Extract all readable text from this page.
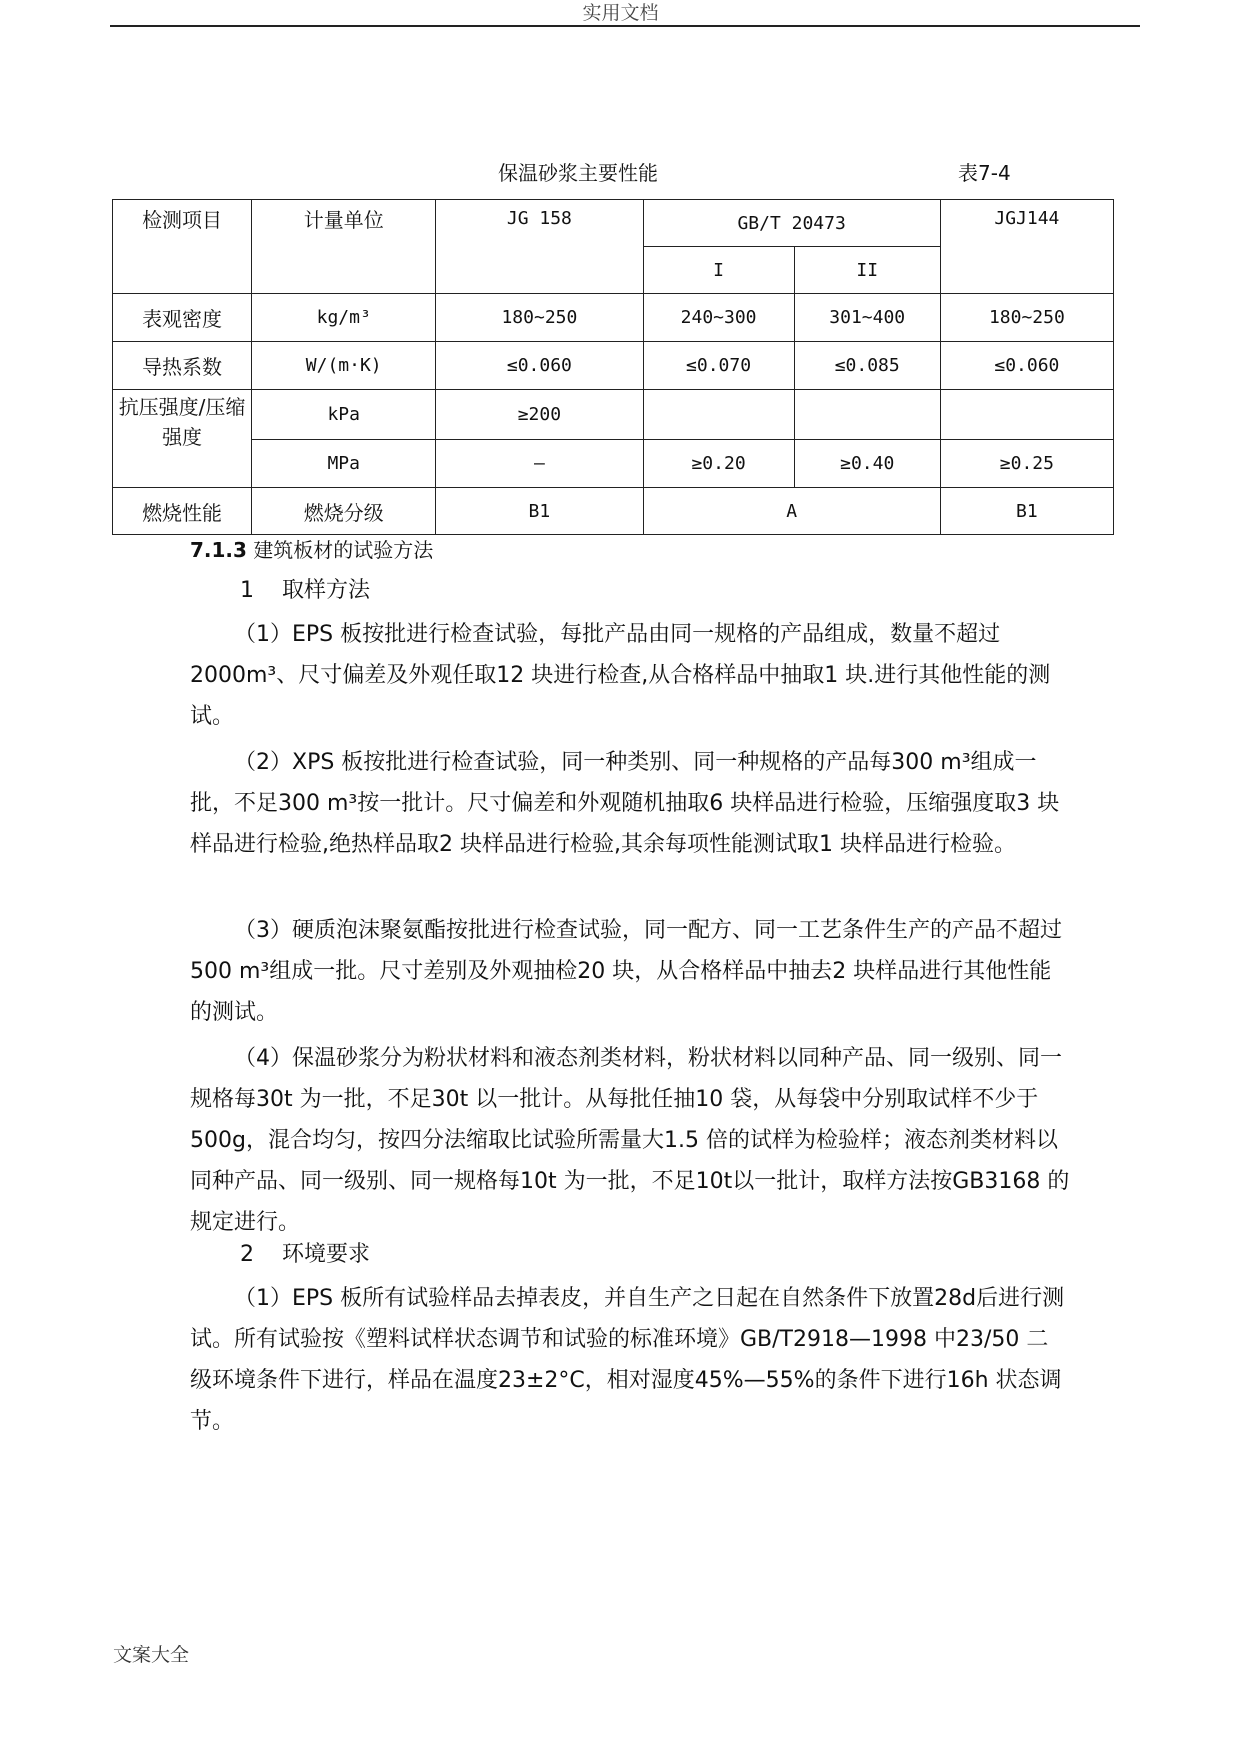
实用文档
保温砂浆主要性能	表7-4
检测项目	计量单位	JG 158	GB/T 20473		JGJ144
			I	II	
表观密度	kg/m³	180~250	240~300	301~400	180~250
导热系数	W/(m·K)	≤0.060	≤0.070	≤0.085	≤0.060
抗压强度/压缩强度	kPa	≥200			
	MPa	—	≥0.20	≥0.40	≥0.25
燃烧性能	燃烧分级	B1	A		B1
7.1.3 建筑板材的试验方法
1 取样方法
（1）EPS 板按批进行检查试验，每批产品由同一规格的产品组成，数量不超过2000m³、尺寸偏差及外观任取12 块进行检查,从合格样品中抽取1 块.进行其他性能的测试。
（2）XPS 板按批进行检查试验，同一种类别、同一种规格的产品每300 m³组成一批，不足300 m³按一批计。尺寸偏差和外观随机抽取6 块样品进行检验，压缩强度取3 块样品进行检验,绝热样品取2 块样品进行检验,其余每项性能测试取1 块样品进行检验。
（3）硬质泡沫聚氨酯按批进行检查试验，同一配方、同一工艺条件生产的产品不超过500 m³组成一批。尺寸差别及外观抽检20 块，从合格样品中抽去2 块样品进行其他性能的测试。
（4）保温砂浆分为粉状材料和液态剂类材料，粉状材料以同种产品、同一级别、同一规格每30t 为一批，不足30t 以一批计。从每批任抽10 袋，从每袋中分别取试样不少于500g，混合均匀，按四分法缩取比试验所需量大1.5 倍的试样为检验样；液态剂类材料以同种产品、同一级别、同一规格每10t 为一批，不足10t以一批计，取样方法按GB3168 的规定进行。
2 环境要求
（1）EPS 板所有试验样品去掉表皮，并自生产之日起在自然条件下放置28d后进行测试。所有试验按《塑料试样状态调节和试验的标准环境》GB/T2918—1998 中23/50 二级环境条件下进行，样品在温度23±2°C，相对湿度45%—55%的条件下进行16h 状态调节。
文案大全
